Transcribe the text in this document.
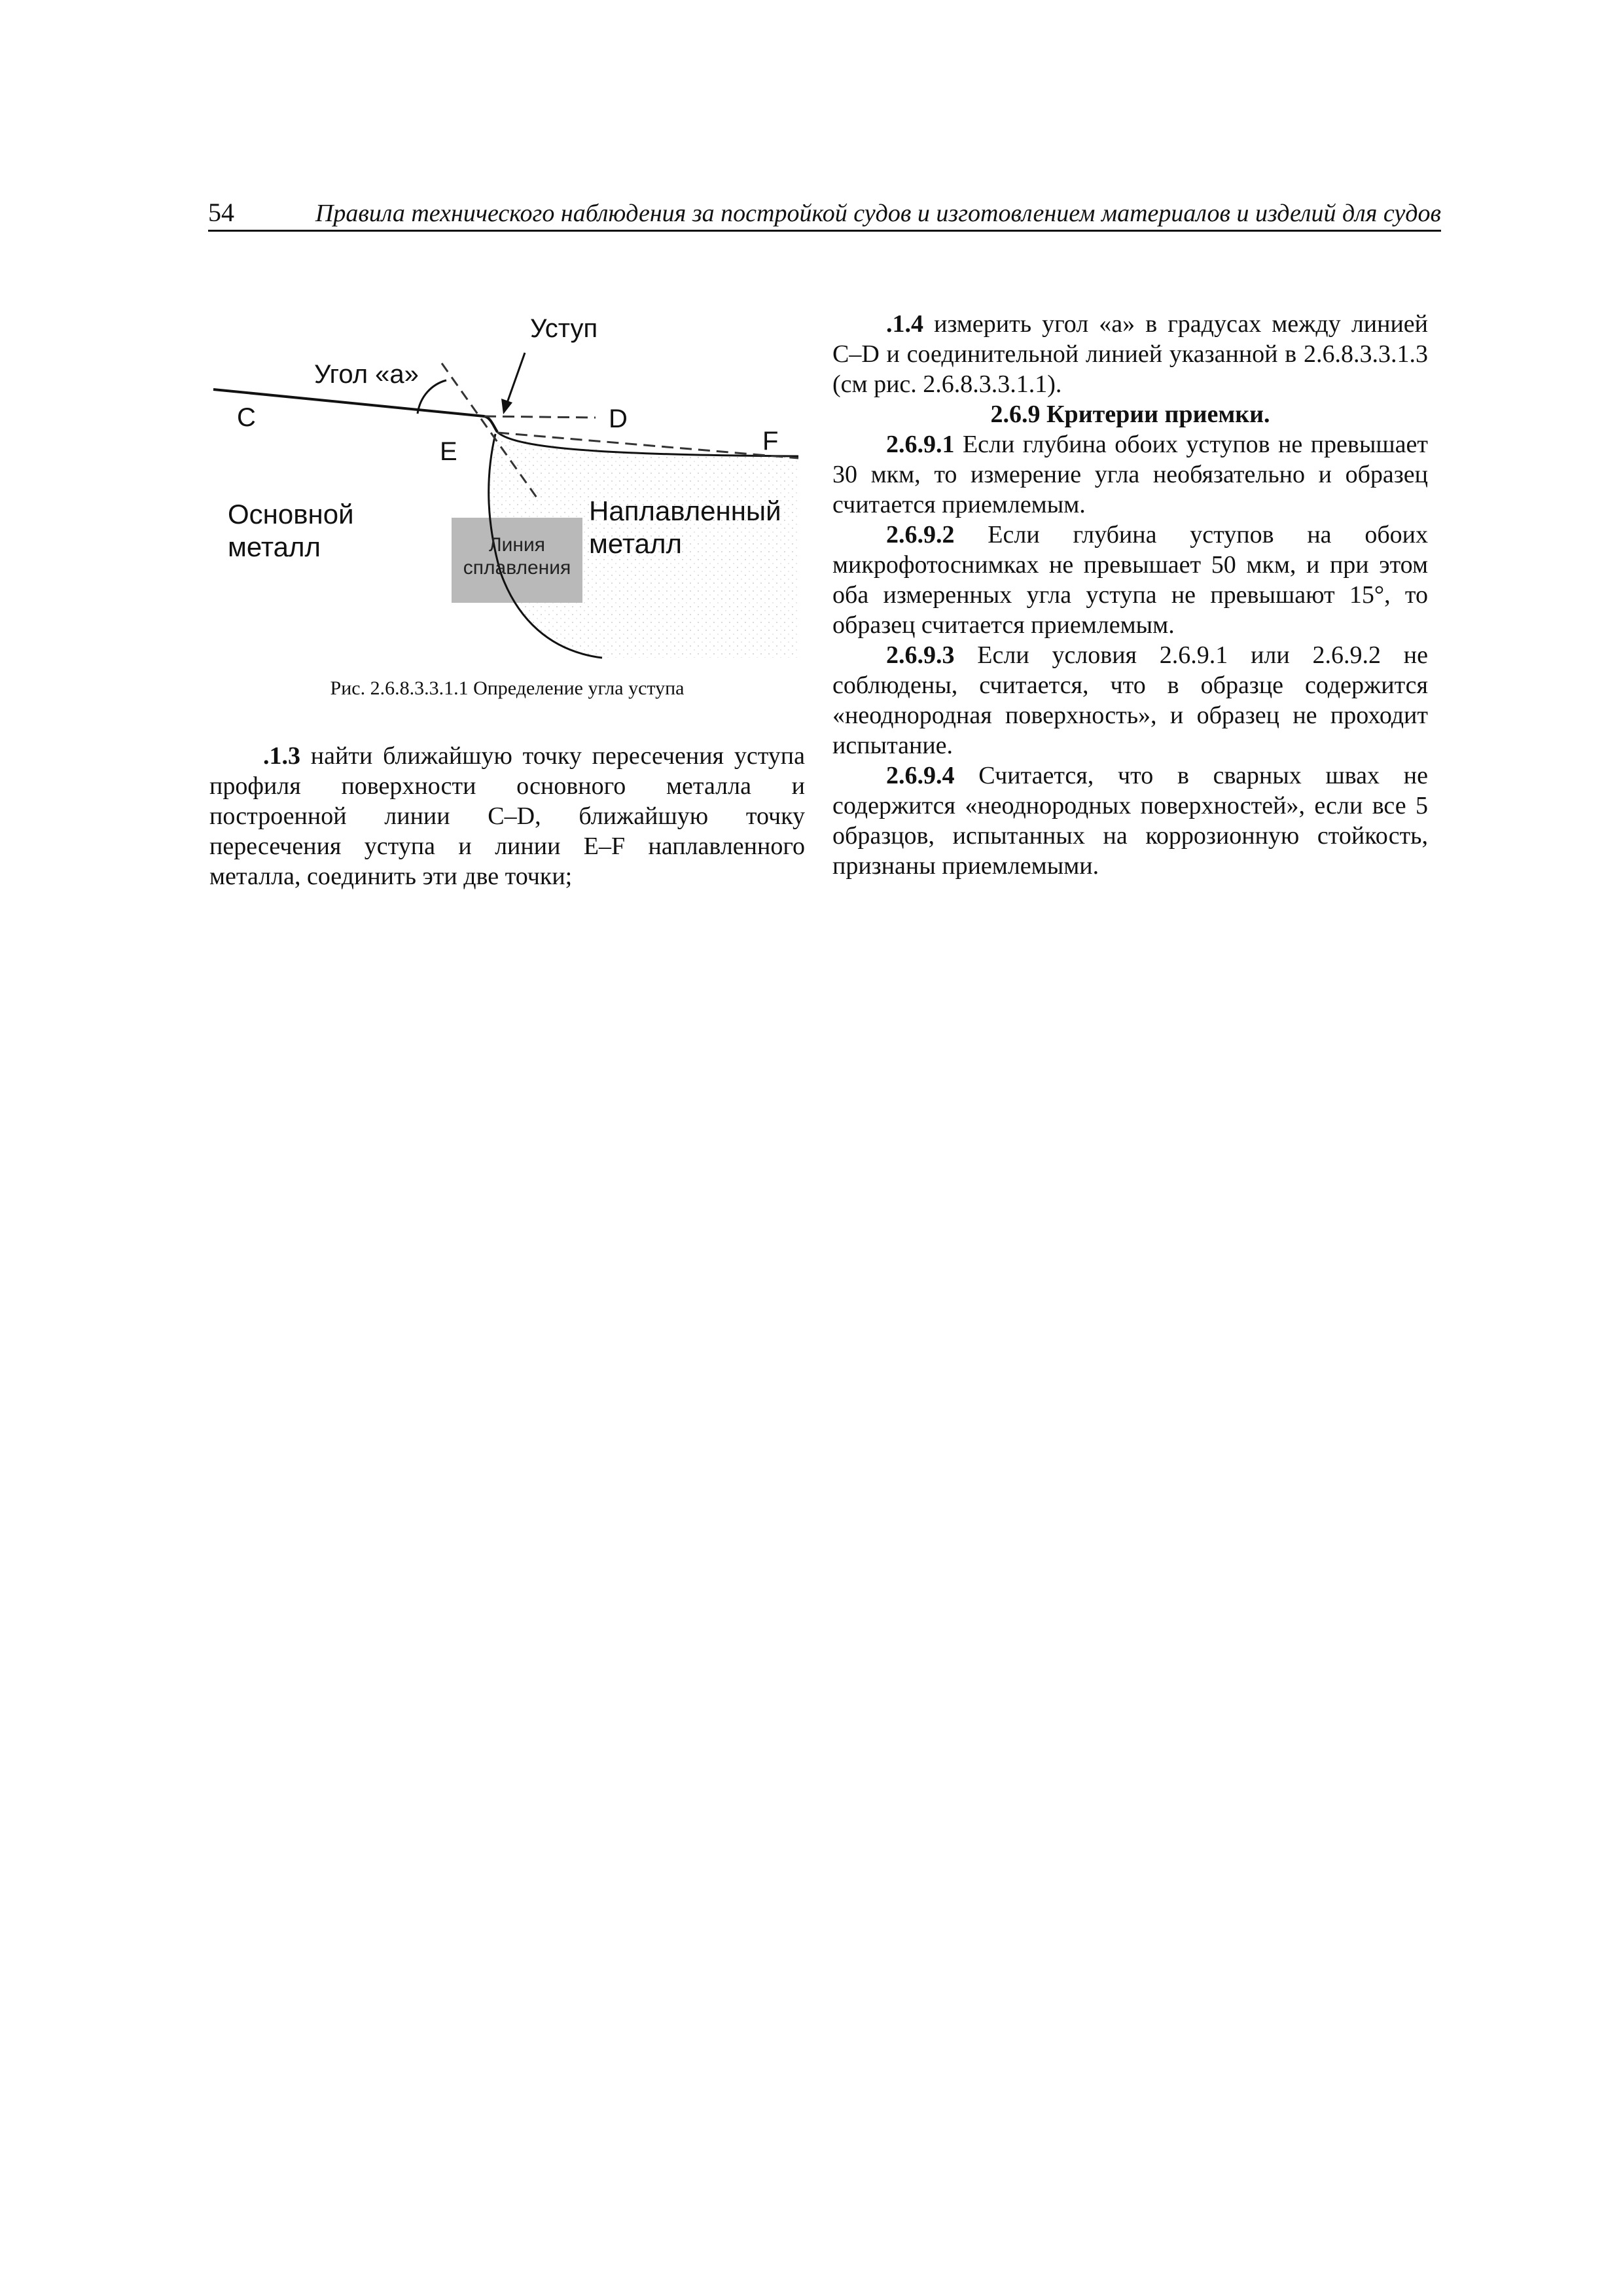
54	Правила технического наблюдения за постройкой судов и изготовлением материалов и изделий для судов
Уступ
Угол «а»
C	D
E	F
Основной
металл
Наплавленный
металл
Линия
сплавления
Рис. 2.6.8.3.3.1.1 Определение угла уступа

.1.3 найти ближайшую точку пересечения уступа профиля поверхности основного металла и построенной линии C–D, ближайшую точку пересечения уступа и линии E–F наплавленного металла, соединить эти две точки;

.1.4 измерить угол «а» в градусах между линией C–D и соединительной линией указанной в 2.6.8.3.3.1.3 (см рис. 2.6.8.3.3.1.1).

2.6.9 Критерии приемки.

2.6.9.1 Если глубина обоих уступов не превышает 30 мкм, то измерение угла необязательно и образец считается приемлемым.

2.6.9.2 Если глубина уступов на обоих микрофотоснимках не превышает 50 мкм, и при этом оба измеренных угла уступа не превышают 15°, то образец считается приемлемым.

2.6.9.3 Если условия 2.6.9.1 или 2.6.9.2 не соблюдены, считается, что в образце содержится «неоднородная поверхность», и образец не проходит испытание.

2.6.9.4 Считается, что в сварных швах не содержится «неоднородных поверхностей», если все 5 образцов, испытанных на коррозионную стойкость, признаны приемлемыми.
